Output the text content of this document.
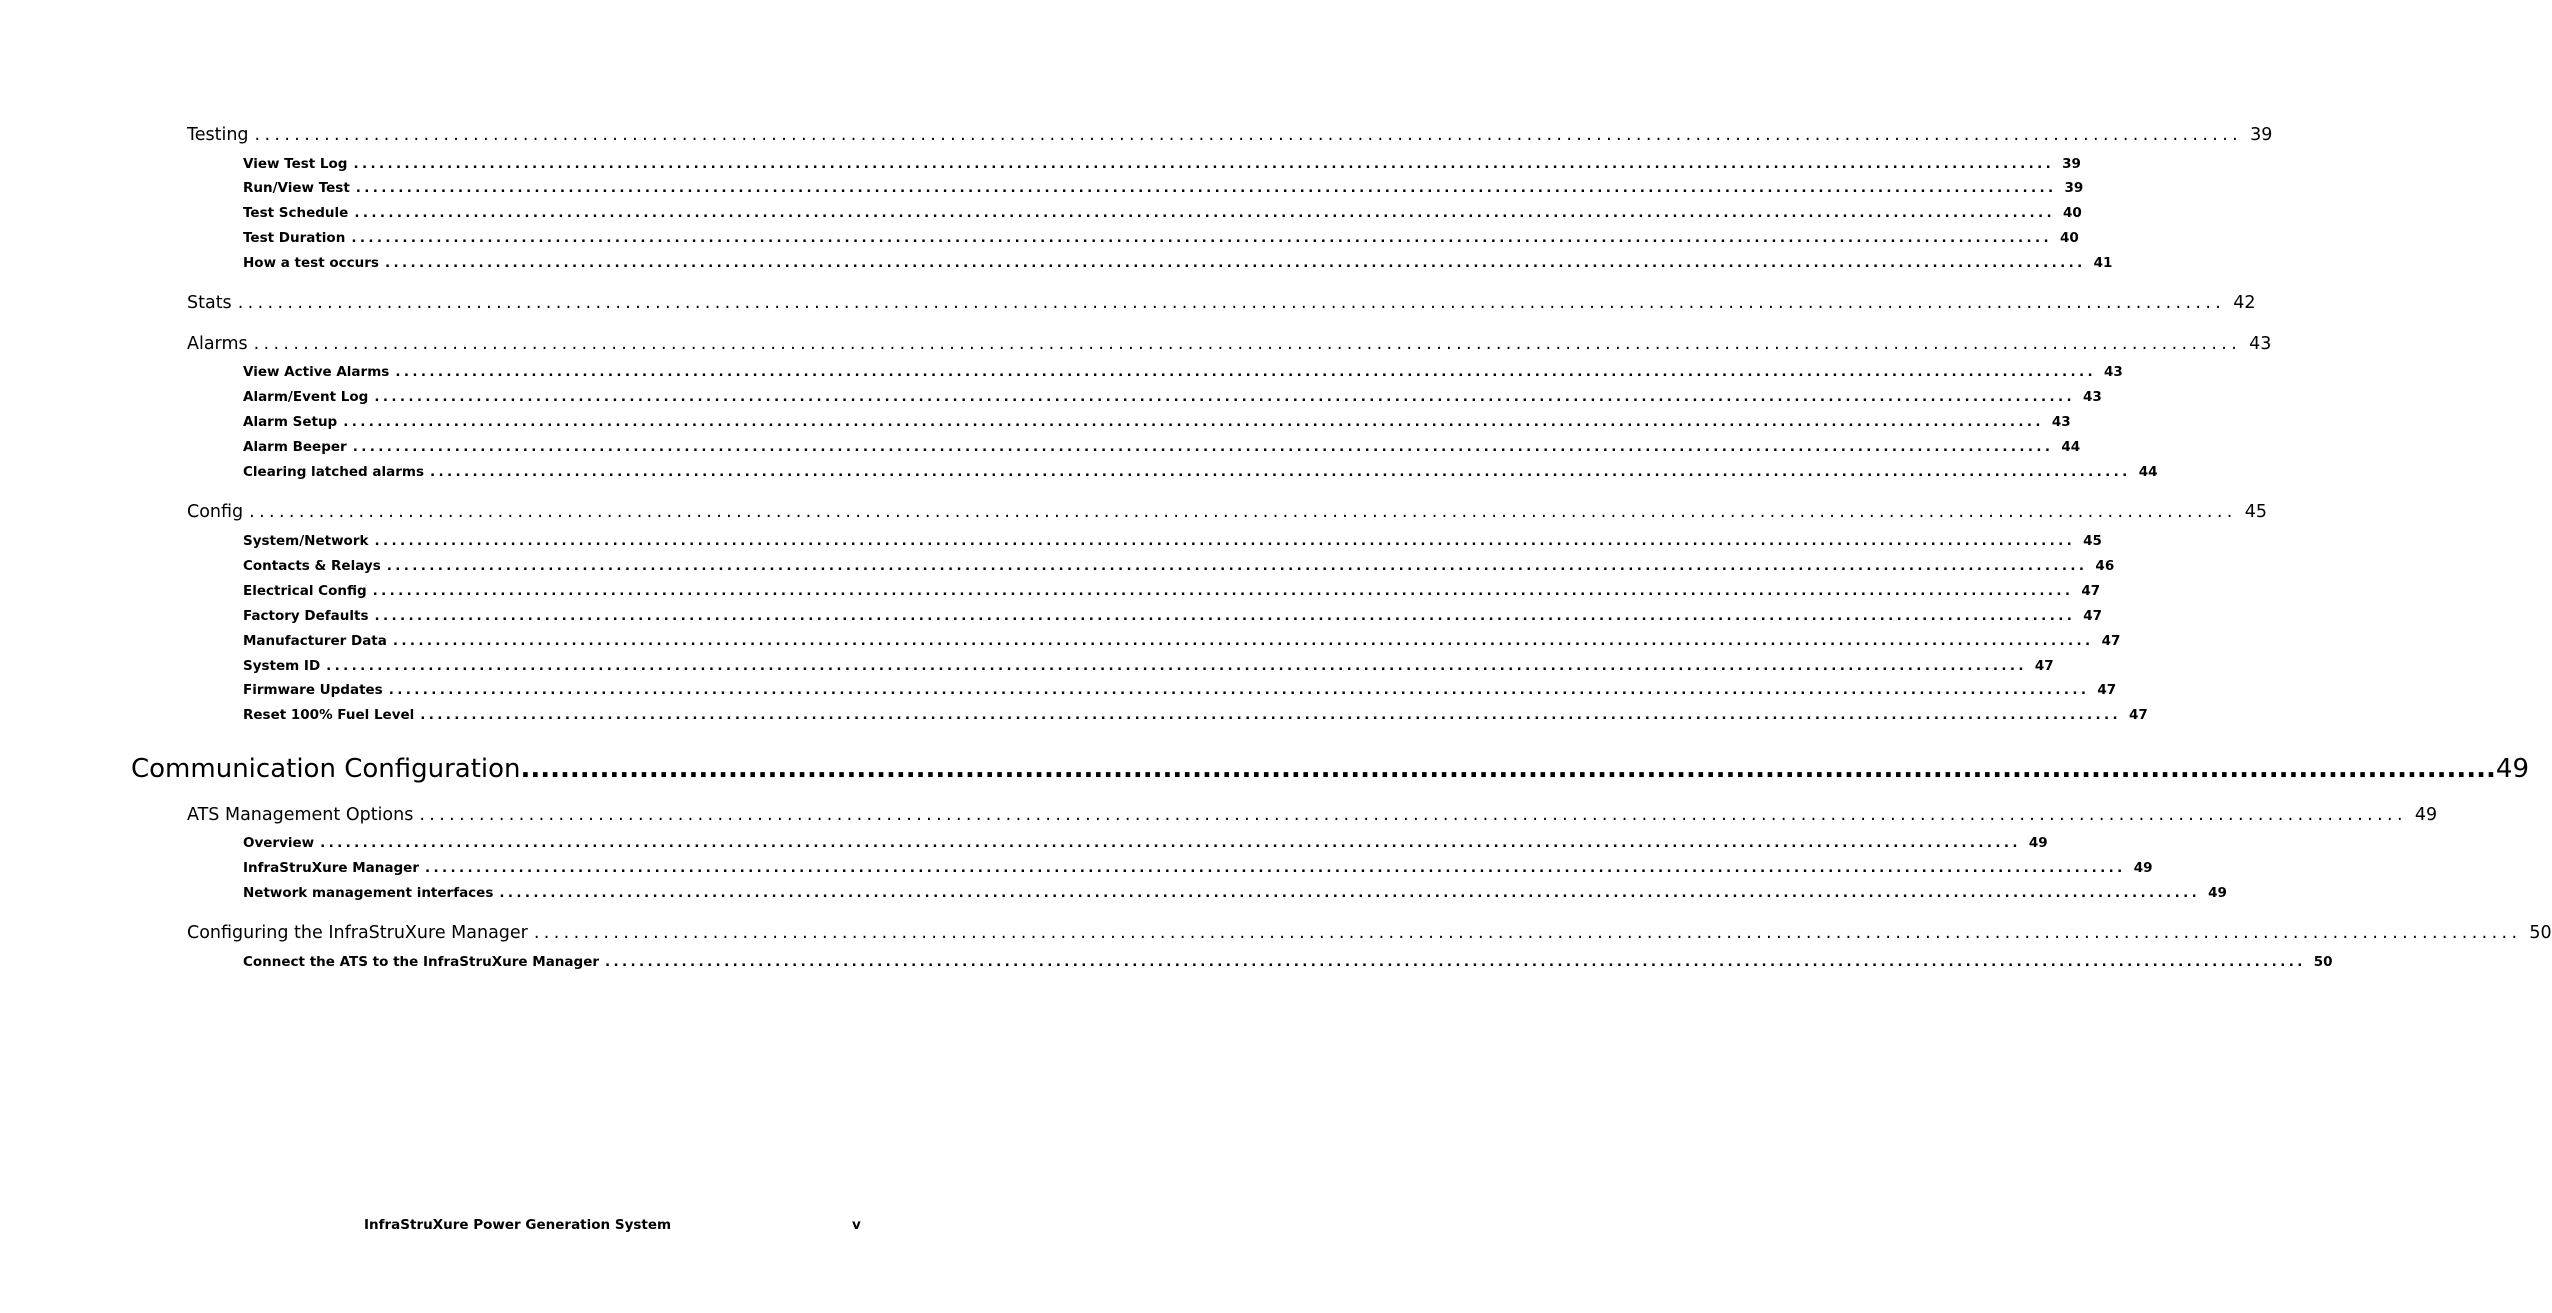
Testing ........................................................................................................................................................................................................ 39
View Test Log ........................................................................................................................................................................................................ 39
Run/View Test ........................................................................................................................................................................................................ 39
Test Schedule ........................................................................................................................................................................................................ 40
Test Duration ........................................................................................................................................................................................................ 40
How a test occurs ........................................................................................................................................................................................................ 41
Stats ........................................................................................................................................................................................................ 42
Alarms ........................................................................................................................................................................................................ 43
View Active Alarms ........................................................................................................................................................................................................ 43
Alarm/Event Log ........................................................................................................................................................................................................ 43
Alarm Setup ........................................................................................................................................................................................................ 43
Alarm Beeper ........................................................................................................................................................................................................ 44
Clearing latched alarms ........................................................................................................................................................................................................ 44
Config ........................................................................................................................................................................................................ 45
System/Network ........................................................................................................................................................................................................ 45
Contacts & Relays ........................................................................................................................................................................................................ 46
Electrical Config ........................................................................................................................................................................................................ 47
Factory Defaults ........................................................................................................................................................................................................ 47
Manufacturer Data ........................................................................................................................................................................................................ 47
System ID ........................................................................................................................................................................................................ 47
Firmware Updates ........................................................................................................................................................................................................ 47
Reset 100% Fuel Level ........................................................................................................................................................................................................ 47
Communication Configuration ........................................................................................................................................................................................................ 49
ATS Management Options ........................................................................................................................................................................................................ 49
Overview ........................................................................................................................................................................................................ 49
InfraStruXure Manager ........................................................................................................................................................................................................ 49
Network management interfaces ........................................................................................................................................................................................................ 49
Configuring the InfraStruXure Manager ........................................................................................................................................................................................................ 50
Connect the ATS to the InfraStruXure Manager ........................................................................................................................................................................................................ 50
InfraStruXure Power Generation System	v
